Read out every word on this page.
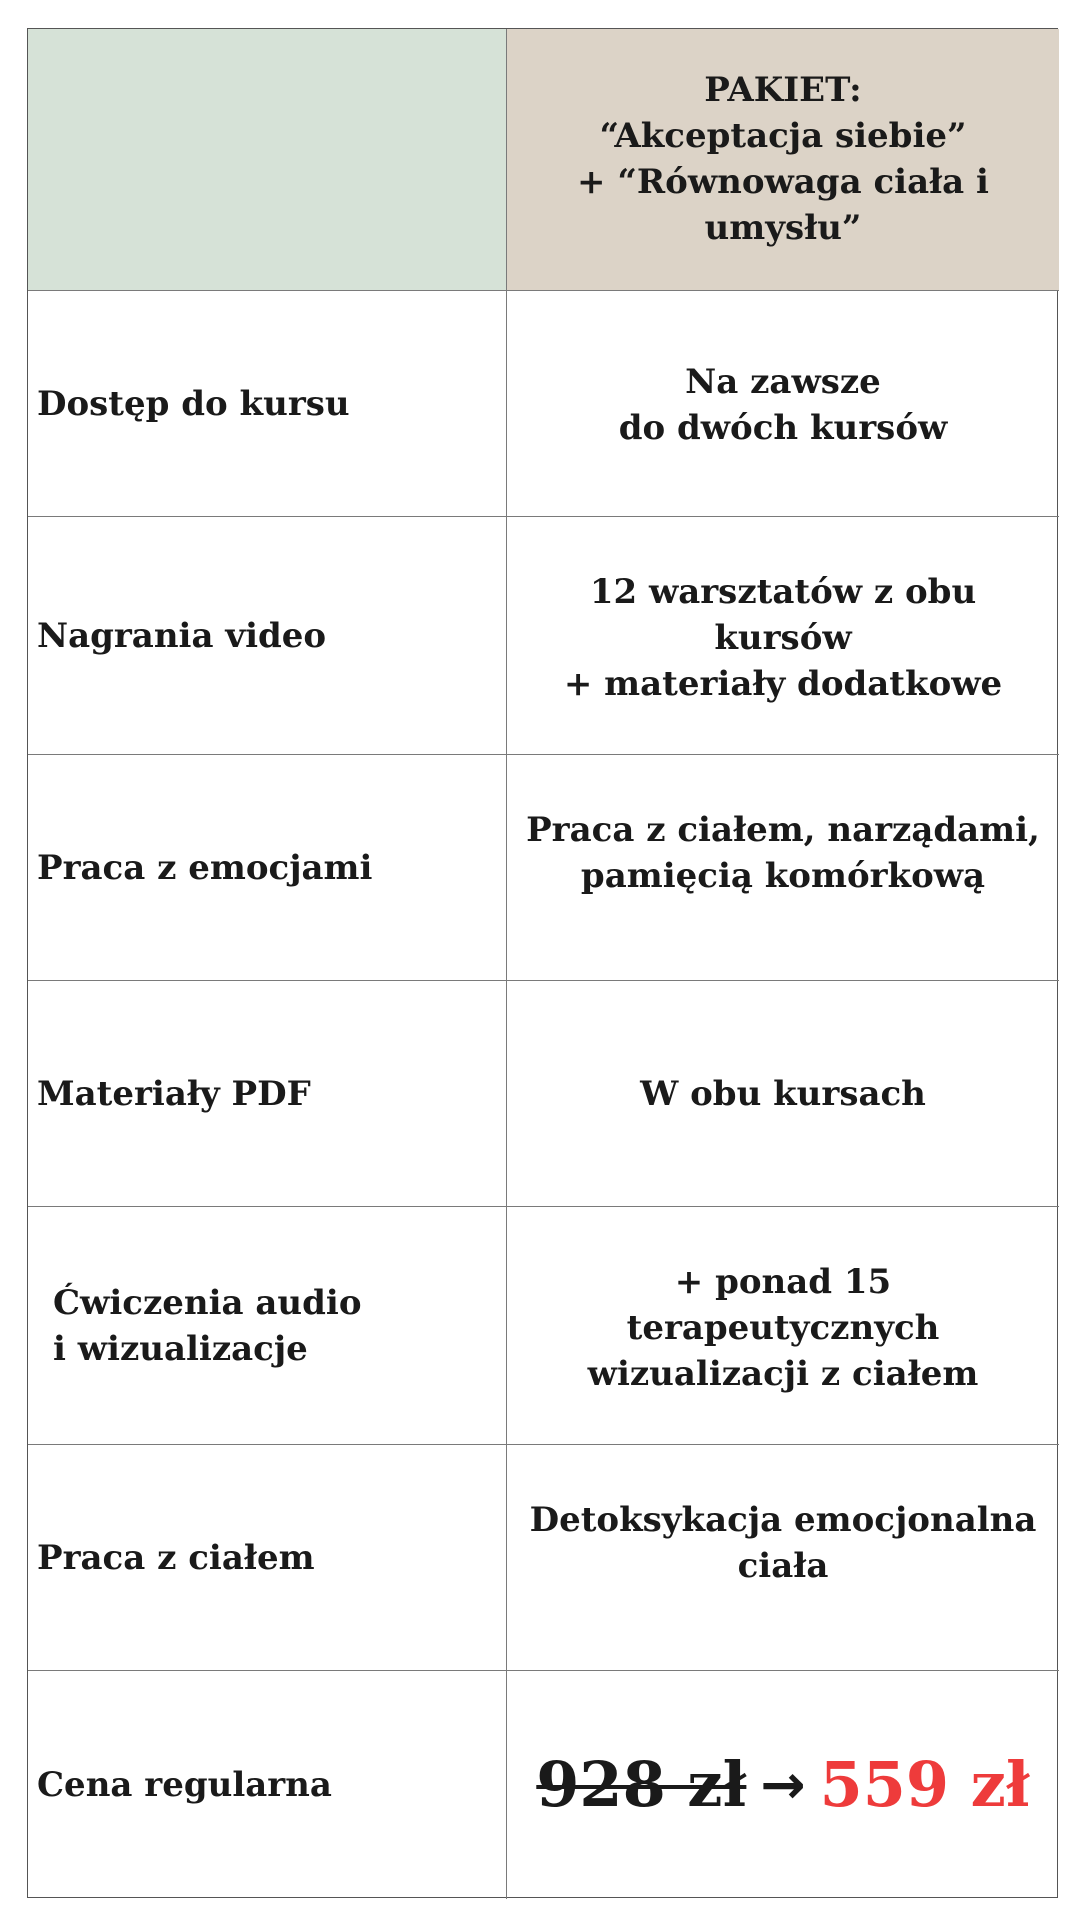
PAKIET:
“Akceptacja siebie”
+ “Równowaga ciała i umysłu”
Dostęp do kursu
Na zawsze
do dwóch kursów
Nagrania video
12 warsztatów z obu kursów
+ materiały dodatkowe
Praca z emocjami
Praca z ciałem, narządami,
pamięcią komórkową
Materiały PDF	W obu kursach
Ćwiczenia audio
i wizualizacje
+ ponad 15 terapeutycznych
wizualizacji z ciałem
Praca z ciałem
Detoksykacja emocjonalna
ciała
Cena regularna	928 zł → 559 zł
